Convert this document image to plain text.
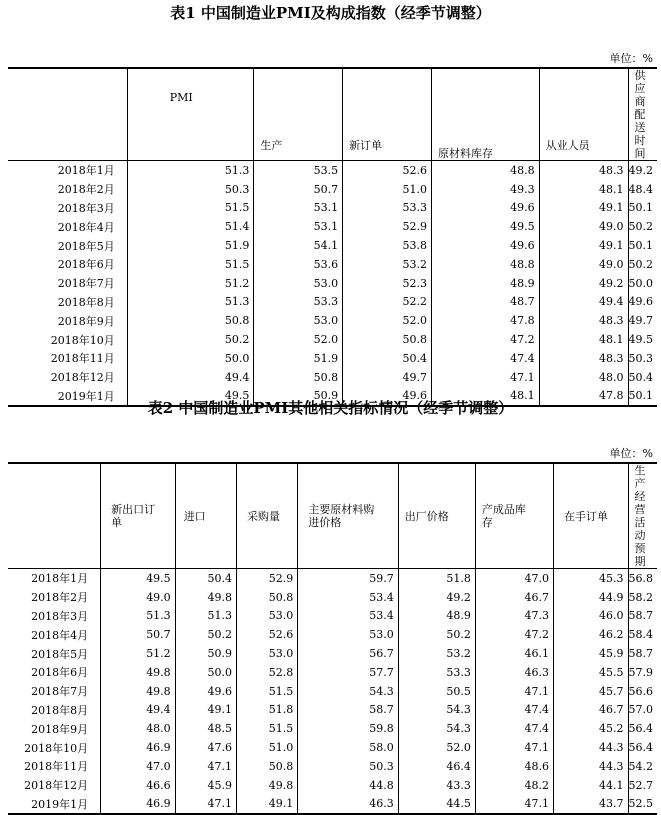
表1 中国制造业PMI及构成指数（经季节调整）
单位：%
	PMI	生产	新订单	原材料库存	从业人员	供应商配送时间
2018年1月	51.3	53.5	52.6	48.8	48.3	49.2
2018年2月	50.3	50.7	51.0	49.3	48.1	48.4
2018年3月	51.5	53.1	53.3	49.6	49.1	50.1
2018年4月	51.4	53.1	52.9	49.5	49.0	50.2
2018年5月	51.9	54.1	53.8	49.6	49.1	50.1
2018年6月	51.5	53.6	53.2	48.8	49.0	50.2
2018年7月	51.2	53.0	52.3	48.9	49.2	50.0
2018年8月	51.3	53.3	52.2	48.7	49.4	49.6
2018年9月	50.8	53.0	52.0	47.8	48.3	49.7
2018年10月	50.2	52.0	50.8	47.2	48.1	49.5
2018年11月	50.0	51.9	50.4	47.4	48.3	50.3
2018年12月	49.4	50.8	49.7	47.1	48.0	50.4
2019年1月	49.5	50.9	49.6	48.1	47.8	50.1
表2 中国制造业PMI其他相关指标情况（经季节调整）
单位：%
	新出口订单	进口	采购量	主要原材料购进价格	出厂价格	产成品库存	在手订单	生产经营活动预期
2018年1月	49.5	50.4	52.9	59.7	51.8	47.0	45.3	56.8
2018年2月	49.0	49.8	50.8	53.4	49.2	46.7	44.9	58.2
2018年3月	51.3	51.3	53.0	53.4	48.9	47.3	46.0	58.7
2018年4月	50.7	50.2	52.6	53.0	50.2	47.2	46.2	58.4
2018年5月	51.2	50.9	53.0	56.7	53.2	46.1	45.9	58.7
2018年6月	49.8	50.0	52.8	57.7	53.3	46.3	45.5	57.9
2018年7月	49.8	49.6	51.5	54.3	50.5	47.1	45.7	56.6
2018年8月	49.4	49.1	51.8	58.7	54.3	47.4	46.7	57.0
2018年9月	48.0	48.5	51.5	59.8	54.3	47.4	45.2	56.4
2018年10月	46.9	47.6	51.0	58.0	52.0	47.1	44.3	56.4
2018年11月	47.0	47.1	50.8	50.3	46.4	48.6	44.3	54.2
2018年12月	46.6	45.9	49.8	44.8	43.3	48.2	44.1	52.7
2019年1月	46.9	47.1	49.1	46.3	44.5	47.1	43.7	52.5
